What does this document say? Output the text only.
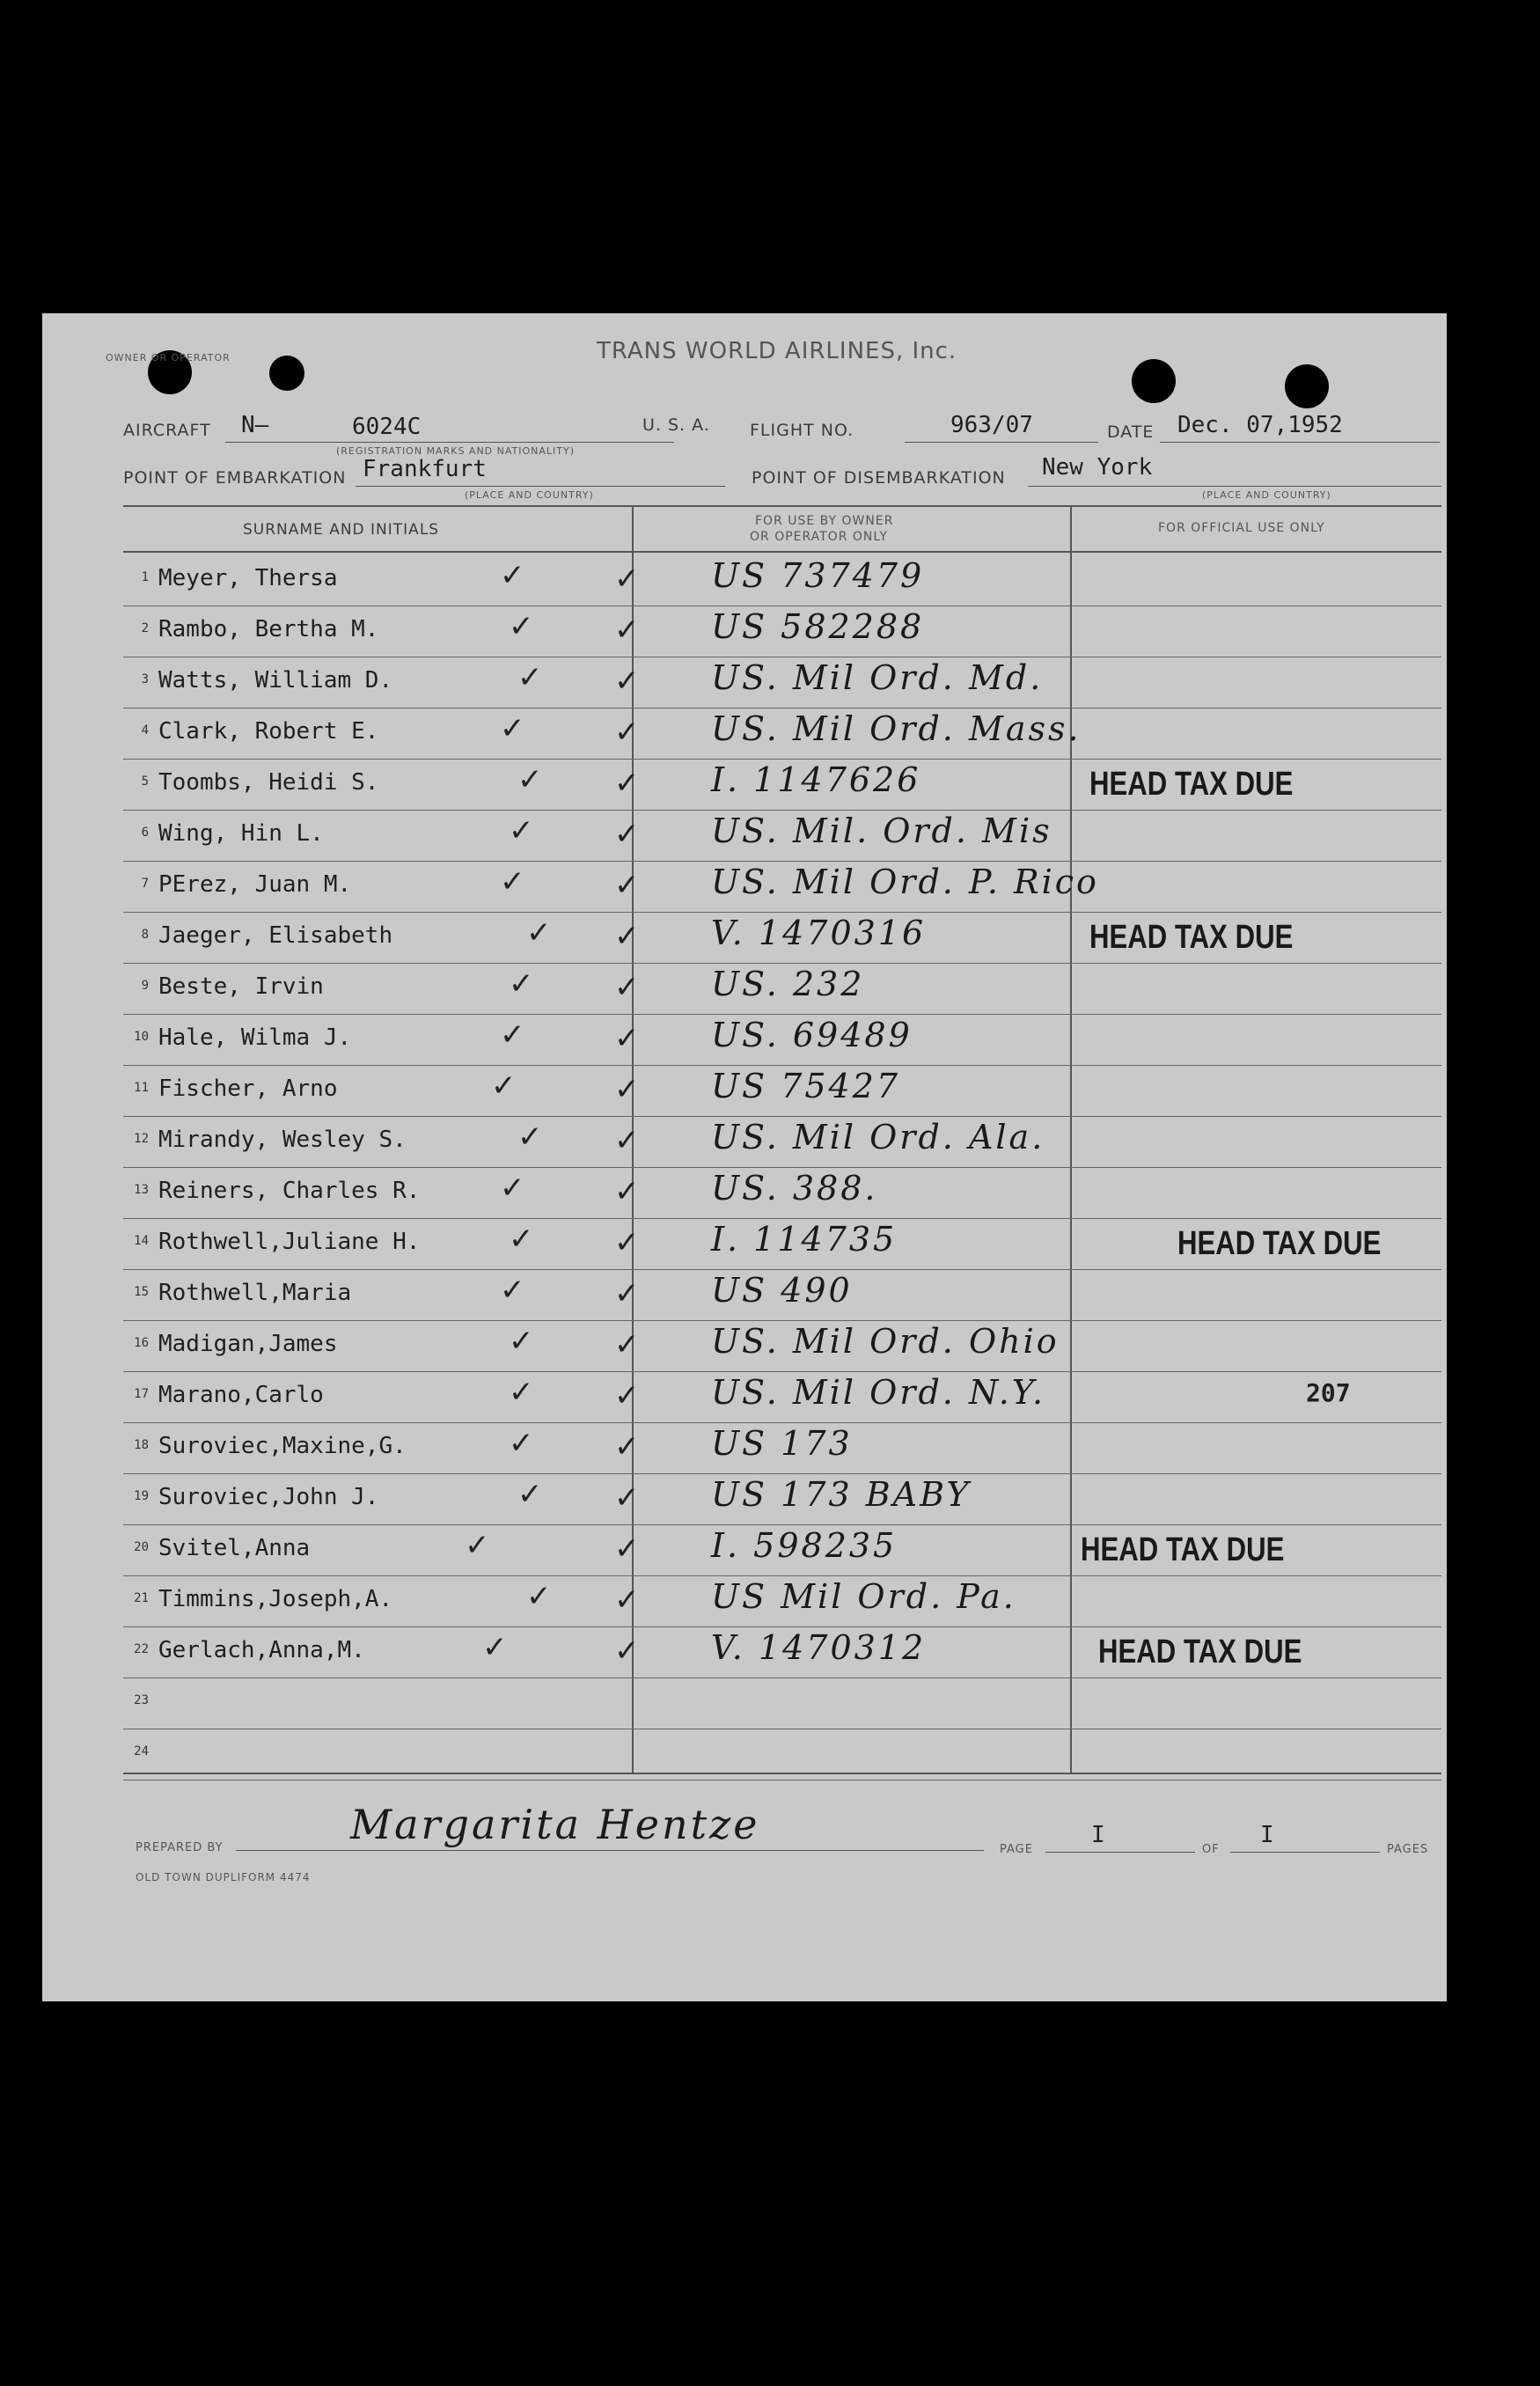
OWNER OR OPERATOR	TRANS WORLD AIRLINES, Inc.
AIRCRAFT N—	6024C
(REGISTRATION MARKS AND NATIONALITY)
U. S. A. FLIGHT NO.	963/07	DATE Dec. 07,1952
POINT OF EMBARKATION Frankfurt
(PLACE AND COUNTRY)
POINT OF DISEMBARKATION New York
(PLACE AND COUNTRY)
SURNAME AND INITIALS	FOR USE BY OWNER
OR OPERATOR ONLY
FOR OFFICIAL USE ONLY
1 Meyer, Thersa	✓	✓ US 737479
2 Rambo, Bertha M.	✓	✓ US 582288
3 Watts, William D.	✓ ✓ US. Mil Ord. Md.
4 Clark, Robert E.	✓	✓ US. Mil Ord. Mass.
5 Toombs, Heidi S.	✓ ✓ I. 1147626	HEAD TAX DUE
6 Wing, Hin L.	✓	✓ US. Mil. Ord. Mis
7 PErez, Juan M.	✓	✓ US. Mil Ord. P. Rico
8 Jaeger, Elisabeth	✓ ✓ V. 1470316	HEAD TAX DUE
9 Beste, Irvin	✓	✓ US. 232
10 Hale, Wilma J.	✓	✓ US. 69489
11 Fischer, Arno	✓	✓ US 75427
12 Mirandy, Wesley S.	✓ ✓ US. Mil Ord. Ala.
13 Reiners, Charles R.	✓	✓ US. 388.
14 Rothwell,Juliane H.	✓	✓ I. 114735	HEAD TAX DUE
15 Rothwell,Maria	✓	✓ US 490
16 Madigan,James	✓	✓ US. Mil Ord. Ohio
17 Marano,Carlo	✓	✓ US. Mil Ord. N.Y.	207
18 Suroviec,Maxine,G.	✓	✓ US 173
19 Suroviec,John J.	✓ ✓ US 173 BABY
20 Svitel,Anna	✓	✓ I. 598235	HEAD TAX DUE
21 Timmins,Joseph,A.	✓ ✓ US Mil Ord. Pa.
22 Gerlach,Anna,M.	✓	✓ V. 1470312	HEAD TAX DUE
23
24
PREPARED BY	Margarita Hentze
OLD TOWN DUPLIFORM 4474
PAGE
I
OF
I
PAGES
